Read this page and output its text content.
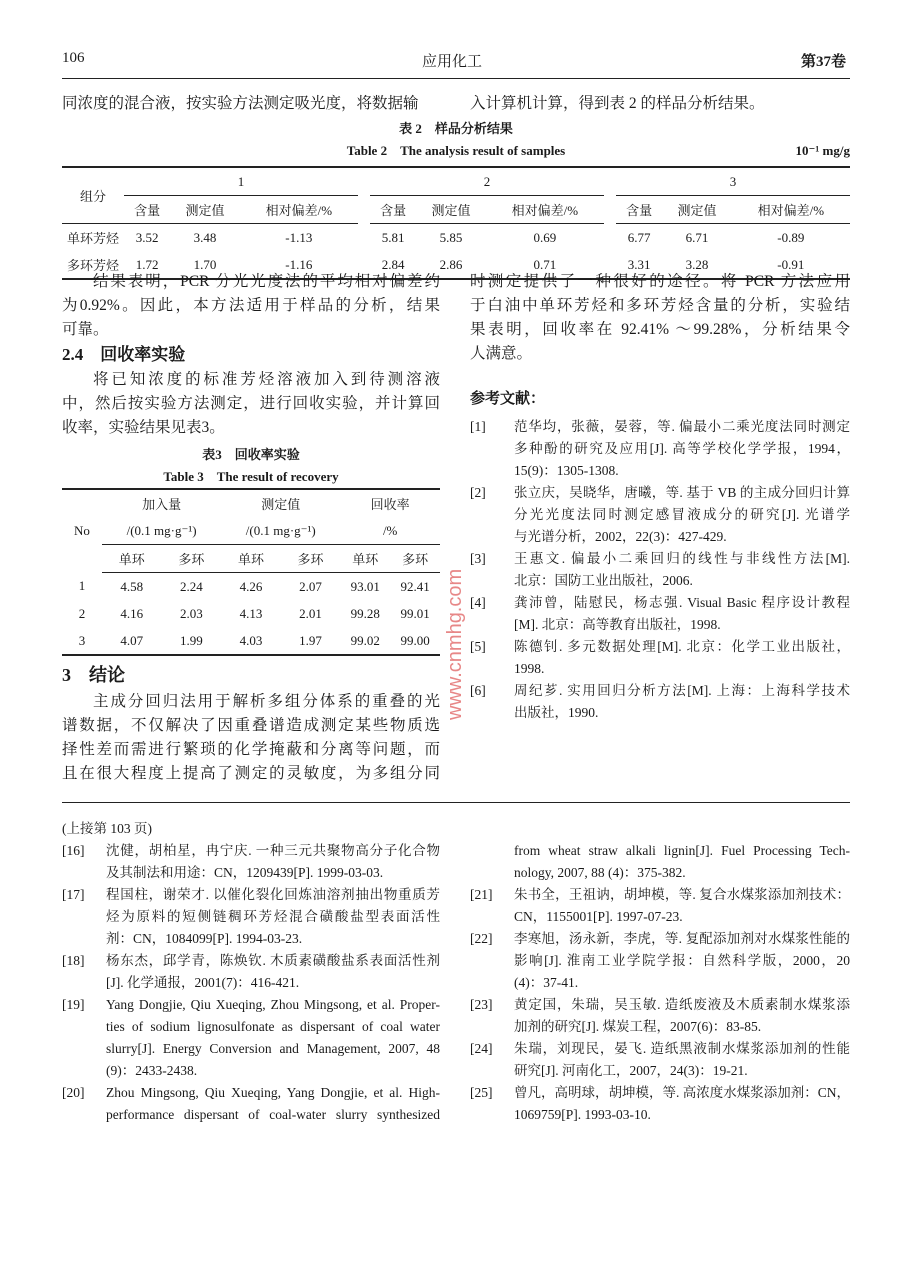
106	应用化工	第37卷
同浓度的混合液，按实验方法测定吸光度，将数据输	入计算机计算，得到表 2 的样品分析结果。
表 2　样品分析结果
Table 2　The analysis result of samples	10⁻¹ mg/g
组分	1				2				3		
	含量	测定值	相对偏差/%		含量	测定值	相对偏差/%		含量	测定值	相对偏差/%
单环芳烃	3.52	3.48	-1.13		5.81	5.85	0.69		6.77	6.71	-0.89
多环芳烃	1.72	1.70	-1.16		2.84	2.86	0.71		3.31	3.28	-0.91
结果表明，PCR 分光光度法的平均相对偏差约
为0.92%。因此，本方法适用于样品的分析，结果
可靠。
2.4　回收率实验
将已知浓度的标准芳烃溶液加入到待测溶液
中，然后按实验方法测定，进行回收实验，并计算回
收率，实验结果见表3。
表3　回收率实验
Table 3　The result of recovery
No	加入量		测定值		回收率	
	/(0.1 mg·g⁻¹)		/(0.1 mg·g⁻¹)		/%	
	单环	多环	单环	多环	单环	多环
1	4.58	2.24	4.26	2.07	93.01	92.41
2	4.16	2.03	4.13	2.01	99.28	99.01
3	4.07	1.99	4.03	1.97	99.02	99.00
3　结论
主成分回归法用于解析多组分体系的重叠的光
谱数据，不仅解决了因重叠谱造成测定某些物质选
择性差而需进行繁琐的化学掩蔽和分离等问题，而
且在很大程度上提高了测定的灵敏度，为多组分同
时测定提供了一种很好的途径。将 PCR 方法应用
于白油中单环芳烃和多环芳烃含量的分析，实验结
果表明，回收率在 92.41% ～99.28%，分析结果令
人满意。
参考文献：
[1] 范华均，张薇，晏蓉，等. 偏最小二乘光度法同时测定
多种酚的研究及应用[J]. 高等学校化学学报，1994，
15(9)：1305-1308.
[2] 张立庆，吴晓华，唐曦，等. 基于 VB 的主成分回归计算
分光光度法同时测定感冒液成分的研究[J]. 光谱学
与光谱分析，2002，22(3)：427-429.
[3] 王惠文. 偏最小二乘回归的线性与非线性方法[M].
北京：国防工业出版社，2006.
[4] 龚沛曾，陆慰民，杨志强. Visual Basic 程序设计教程
[M]. 北京：高等教育出版社，1998.
[5] 陈德钊. 多元数据处理[M]. 北京：化学工业出版社，
1998.
[6] 周纪芗. 实用回归分析方法[M]. 上海：上海科学技术
出版社，1990.
(上接第 103 页)
[16] 沈健，胡柏星，冉宁庆. 一种三元共聚物高分子化合物
及其制法和用途：CN，1209439[P]. 1999-03-03.
[17] 程国柱，谢荣才. 以催化裂化回炼油溶剂抽出物重质芳
烃为原料的短侧链稠环芳烃混合磺酸盐型表面活性
剂：CN，1084099[P]. 1994-03-23.
[18] 杨东杰，邱学青，陈焕钦. 木质素磺酸盐系表面活性剂
[J]. 化学通报，2001(7)：416-421.
[19] Yang Dongjie, Qiu Xueqing, Zhou Mingsong, et al. Proper-
ties of sodium lignosulfonate as dispersant of coal water
slurry[J]. Energy Conversion and Management, 2007, 48
(9)：2433-2438.
[20] Zhou Mingsong, Qiu Xueqing, Yang Dongjie, et al. High-
performance dispersant of coal-water slurry synthesized
from wheat straw alkali lignin[J]. Fuel Processing Tech-
nology, 2007, 88 (4)：375-382.
[21] 朱书全，王祖讷，胡坤模，等. 复合水煤浆添加剂技术：
CN，1155001[P]. 1997-07-23.
[22] 李寒旭，汤永新，李虎，等. 复配添加剂对水煤浆性能的
影响[J]. 淮南工业学院学报：自然科学版，2000，20
(4)：37-41.
[23] 黄定国，朱瑞，吴玉敏. 造纸废液及木质素制水煤浆添
加剂的研究[J]. 煤炭工程，2007(6)：83-85.
[24] 朱瑞，刘现民，晏飞. 造纸黑液制水煤浆添加剂的性能
研究[J]. 河南化工，2007，24(3)：19-21.
[25] 曾凡，高明球，胡坤模，等. 高浓度水煤浆添加剂：CN，
1069759[P]. 1993-03-10.
www.cnmhg.com
